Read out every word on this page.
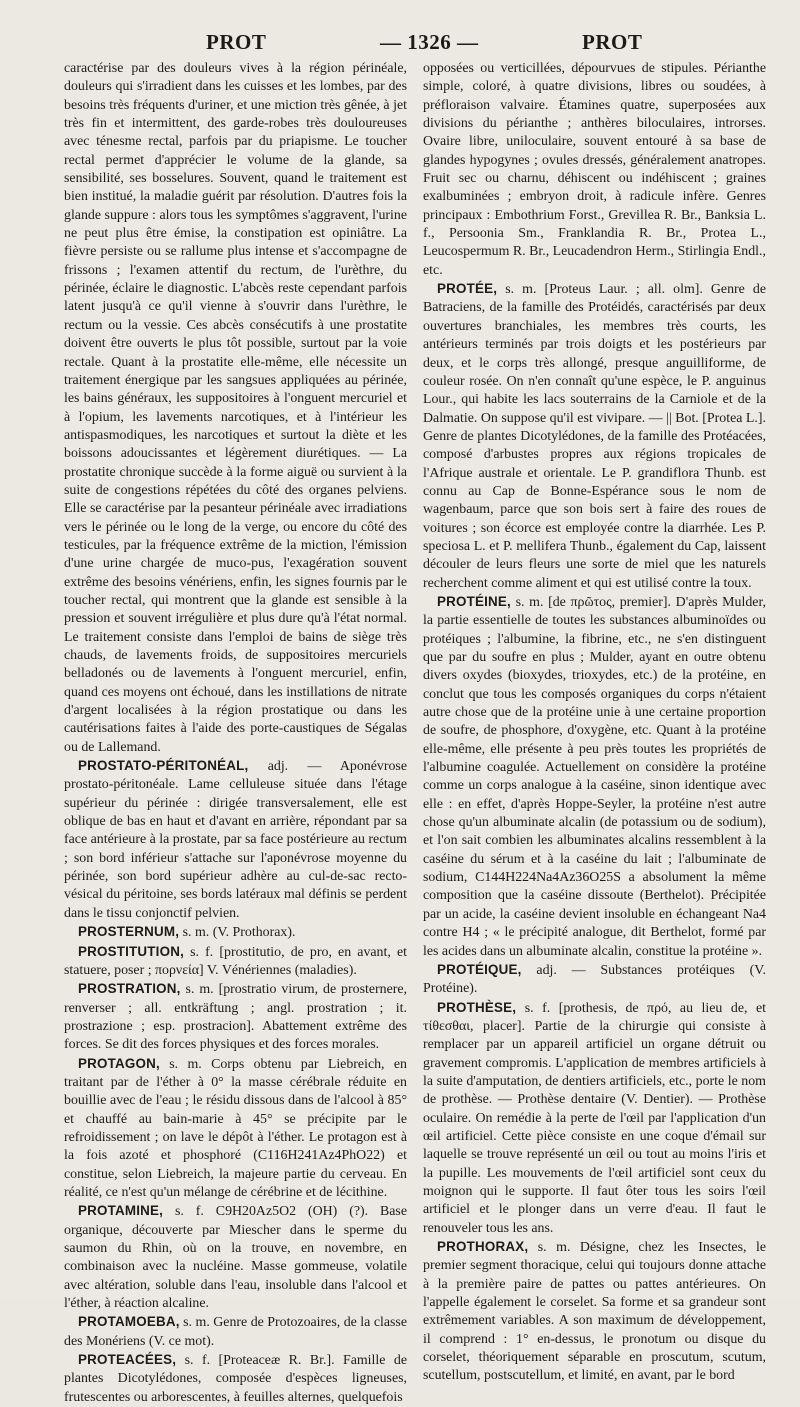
PROT	— 1326 —	PROT

caractérise par des douleurs vives à la région périnéale, douleurs qui s'irradient dans les cuisses et les lombes, par des besoins très fréquents d'uriner, et une miction très gênée, à jet très fin et intermittent, des garde-robes très douloureuses avec ténesme rectal, parfois par du priapisme. Le toucher rectal permet d'apprécier le volume de la glande, sa sensibilité, ses bosselures. Souvent, quand le traitement est bien institué, la maladie guérit par résolution. D'autres fois la glande suppure : alors tous les symptômes s'aggravent, l'urine ne peut plus être émise, la constipation est opiniâtre. La fièvre persiste ou se rallume plus intense et s'accompagne de frissons ; l'examen attentif du rectum, de l'urèthre, du périnée, éclaire le diagnostic. L'abcès reste cependant parfois latent jusqu'à ce qu'il vienne à s'ouvrir dans l'urèthre, le rectum ou la vessie. Ces abcès consécutifs à une prostatite doivent être ouverts le plus tôt possible, surtout par la voie rectale. Quant à la prostatite elle-même, elle nécessite un traitement énergique par les sangsues appliquées au périnée, les bains généraux, les suppositoires à l'onguent mercuriel et à l'opium, les lavements narcotiques, et à l'intérieur les antispasmodiques, les narcotiques et surtout la diète et les boissons adoucissantes et légèrement diurétiques. — La prostatite chronique succède à la forme aiguë ou survient à la suite de congestions répétées du côté des organes pelviens. Elle se caractérise par la pesanteur périnéale avec irradiations vers le périnée ou le long de la verge, ou encore du côté des testicules, par la fréquence extrême de la miction, l'émission d'une urine chargée de muco-pus, l'exagération souvent extrême des besoins vénériens, enfin, les signes fournis par le toucher rectal, qui montrent que la glande est sensible à la pression et souvent irrégulière et plus dure qu'à l'état normal. Le traitement consiste dans l'emploi de bains de siège très chauds, de lavements froids, de suppositoires mercuriels belladonés ou de lavements à l'onguent mercuriel, enfin, quand ces moyens ont échoué, dans les instillations de nitrate d'argent localisées à la région prostatique ou dans les cautérisations faites à l'aide des porte-caustiques de Ségalas ou de Lallemand.

PROSTATO-PÉRITONÉAL, adj. — Aponévrose prostato-péritonéale. Lame celluleuse située dans l'étage supérieur du périnée : dirigée transversalement, elle est oblique de bas en haut et d'avant en arrière, répondant par sa face antérieure à la prostate, par sa face postérieure au rectum ; son bord inférieur s'attache sur l'aponévrose moyenne du périnée, son bord supérieur adhère au cul-de-sac recto-vésical du péritoine, ses bords latéraux mal définis se perdent dans le tissu conjonctif pelvien.

PROSTERNUM, s. m. (V. Prothorax).

PROSTITUTION, s. f. [prostitutio, de pro, en avant, et statuere, poser ; πορνεία] V. Vénériennes (maladies).

PROSTRATION, s. m. [prostratio virum, de prosternere, renverser ; all. entkräftung ; angl. prostration ; it. prostrazione ; esp. prostracion]. Abattement extrême des forces. Se dit des forces physiques et des forces morales.

PROTAGON, s. m. Corps obtenu par Liebreich, en traitant par de l'éther à 0° la masse cérébrale réduite en bouillie avec de l'eau ; le résidu dissous dans de l'alcool à 85° et chauffé au bain-marie à 45° se précipite par le refroidissement ; on lave le dépôt à l'éther. Le protagon est à la fois azoté et phosphoré (C116H241Az4PhO22) et constitue, selon Liebreich, la majeure partie du cerveau. En réalité, ce n'est qu'un mélange de cérébrine et de lécithine.

PROTAMINE, s. f. C9H20Az5O2 (OH) (?). Base organique, découverte par Miescher dans le sperme du saumon du Rhin, où on la trouve, en novembre, en combinaison avec la nucléine. Masse gommeuse, volatile avec altération, soluble dans l'eau, insoluble dans l'alcool et l'éther, à réaction alcaline.

PROTAMOEBA, s. m. Genre de Protozoaires, de la classe des Monériens (V. ce mot).

PROTEACÉES, s. f. [Proteaceæ R. Br.]. Famille de plantes Dicotylédones, composée d'espèces ligneuses, frutescentes ou arborescentes, à feuilles alternes, quelquefois

opposées ou verticillées, dépourvues de stipules. Périanthe simple, coloré, à quatre divisions, libres ou soudées, à préfloraison valvaire. Étamines quatre, superposées aux divisions du périanthe ; anthères biloculaires, introrses. Ovaire libre, uniloculaire, souvent entouré à sa base de glandes hypogynes ; ovules dressés, généralement anatropes. Fruit sec ou charnu, déhiscent ou indéhiscent ; graines exalbuminées ; embryon droit, à radicule infère. Genres principaux : Embothrium Forst., Grevillea R. Br., Banksia L. f., Persoonia Sm., Franklandia R. Br., Protea L., Leucospermum R. Br., Leucadendron Herm., Stirlingia Endl., etc.

PROTÉE, s. m. [Proteus Laur. ; all. olm]. Genre de Batraciens, de la famille des Protéidés, caractérisés par deux ouvertures branchiales, les membres très courts, les antérieurs terminés par trois doigts et les postérieurs par deux, et le corps très allongé, presque anguilliforme, de couleur rosée. On n'en connaît qu'une espèce, le P. anguinus Lour., qui habite les lacs souterrains de la Carniole et de la Dalmatie. On suppose qu'il est vivipare. — || Bot. [Protea L.]. Genre de plantes Dicotylédones, de la famille des Protéacées, composé d'arbustes propres aux régions tropicales de l'Afrique australe et orientale. Le P. grandiflora Thunb. est connu au Cap de Bonne-Espérance sous le nom de wagenbaum, parce que son bois sert à faire des roues de voitures ; son écorce est employée contre la diarrhée. Les P. speciosa L. et P. mellifera Thunb., également du Cap, laissent découler de leurs fleurs une sorte de miel que les naturels recherchent comme aliment et qui est utilisé contre la toux.

PROTÉINE, s. m. [de πρῶτος, premier]. D'après Mulder, la partie essentielle de toutes les substances albuminoïdes ou protéiques ; l'albumine, la fibrine, etc., ne s'en distinguent que par du soufre en plus ; Mulder, ayant en outre obtenu divers oxydes (bioxydes, trioxydes, etc.) de la protéine, en conclut que tous les composés organiques du corps n'étaient autre chose que de la protéine unie à une certaine proportion de soufre, de phosphore, d'oxygène, etc. Quant à la protéine elle-même, elle présente à peu près toutes les propriétés de l'albumine coagulée. Actuellement on considère la protéine comme un corps analogue à la caséine, sinon identique avec elle : en effet, d'après Hoppe-Seyler, la protéine n'est autre chose qu'un albuminate alcalin (de potassium ou de sodium), et l'on sait combien les albuminates alcalins ressemblent à la caséine du sérum et à la caséine du lait ; l'albuminate de sodium, C144H224Na4Az36O25S a absolument la même composition que la caséine dissoute (Berthelot). Précipitée par un acide, la caséine devient insoluble en échangeant Na4 contre H4 ; « le précipité analogue, dit Berthelot, formé par les acides dans un albuminate alcalin, constitue la protéine ».

PROTÉIQUE, adj. — Substances protéiques (V. Protéine).

PROTHÈSE, s. f. [prothesis, de πρό, au lieu de, et τίθεσθαι, placer]. Partie de la chirurgie qui consiste à remplacer par un appareil artificiel un organe détruit ou gravement compromis. L'application de membres artificiels à la suite d'amputation, de dentiers artificiels, etc., porte le nom de prothèse. — Prothèse dentaire (V. Dentier). — Prothèse oculaire. On remédie à la perte de l'œil par l'application d'un œil artificiel. Cette pièce consiste en une coque d'émail sur laquelle se trouve représenté un œil ou tout au moins l'iris et la pupille. Les mouvements de l'œil artificiel sont ceux du moignon qui le supporte. Il faut ôter tous les soirs l'œil artificiel et le plonger dans un verre d'eau. Il faut le renouveler tous les ans.

PROTHORAX, s. m. Désigne, chez les Insectes, le premier segment thoracique, celui qui toujours donne attache à la première paire de pattes ou pattes antérieures. On l'appelle également le corselet. Sa forme et sa grandeur sont extrêmement variables. A son maximum de développement, il comprend : 1° en-dessus, le pronotum ou disque du corselet, théoriquement séparable en proscutum, scutum, scutellum, postscutellum, et limité, en avant, par le bord
